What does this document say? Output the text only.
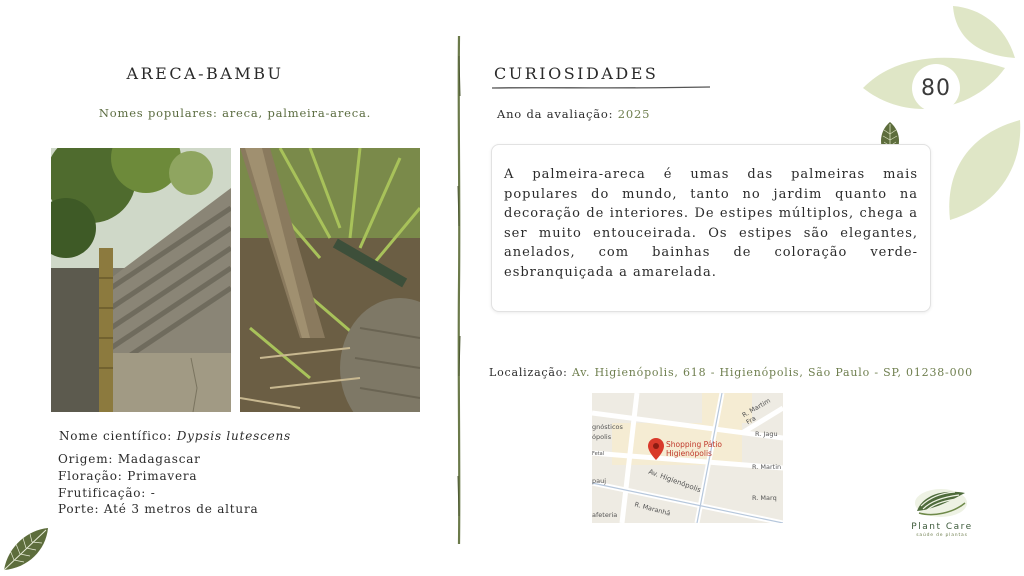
80
ARECA-BAMBU
Nomes populares: areca, palmeira-areca.
Nome científico: Dypsis lutescens
Origem: Madagascar
Floração: Primavera
Frutificação: -
Porte: Até 3 metros de altura
CURIOSIDADES
Ano da avaliação: 2025
A palmeira-areca é umas das palmeiras mais populares do mundo, tanto no jardim quanto na decoração de interiores. De estipes múltiplos, chega a ser muito entouceirada. Os estipes são elegantes, anelados, com bainhas de coloração verde-esbranquiçada a amarelada.
Localização: Av. Higienópolis, 618 - Higienópolis, São Paulo - SP, 01238-000
Shopping Pátio
Higienópolis
Av. Higienópolis
R. Martim Fra
R. Jagu
R. Martin
R. Marq
R. Maranhã
gnósticos
ópolis
Fetal
pauj
afeteria
Plant Care
saúde de plantas
